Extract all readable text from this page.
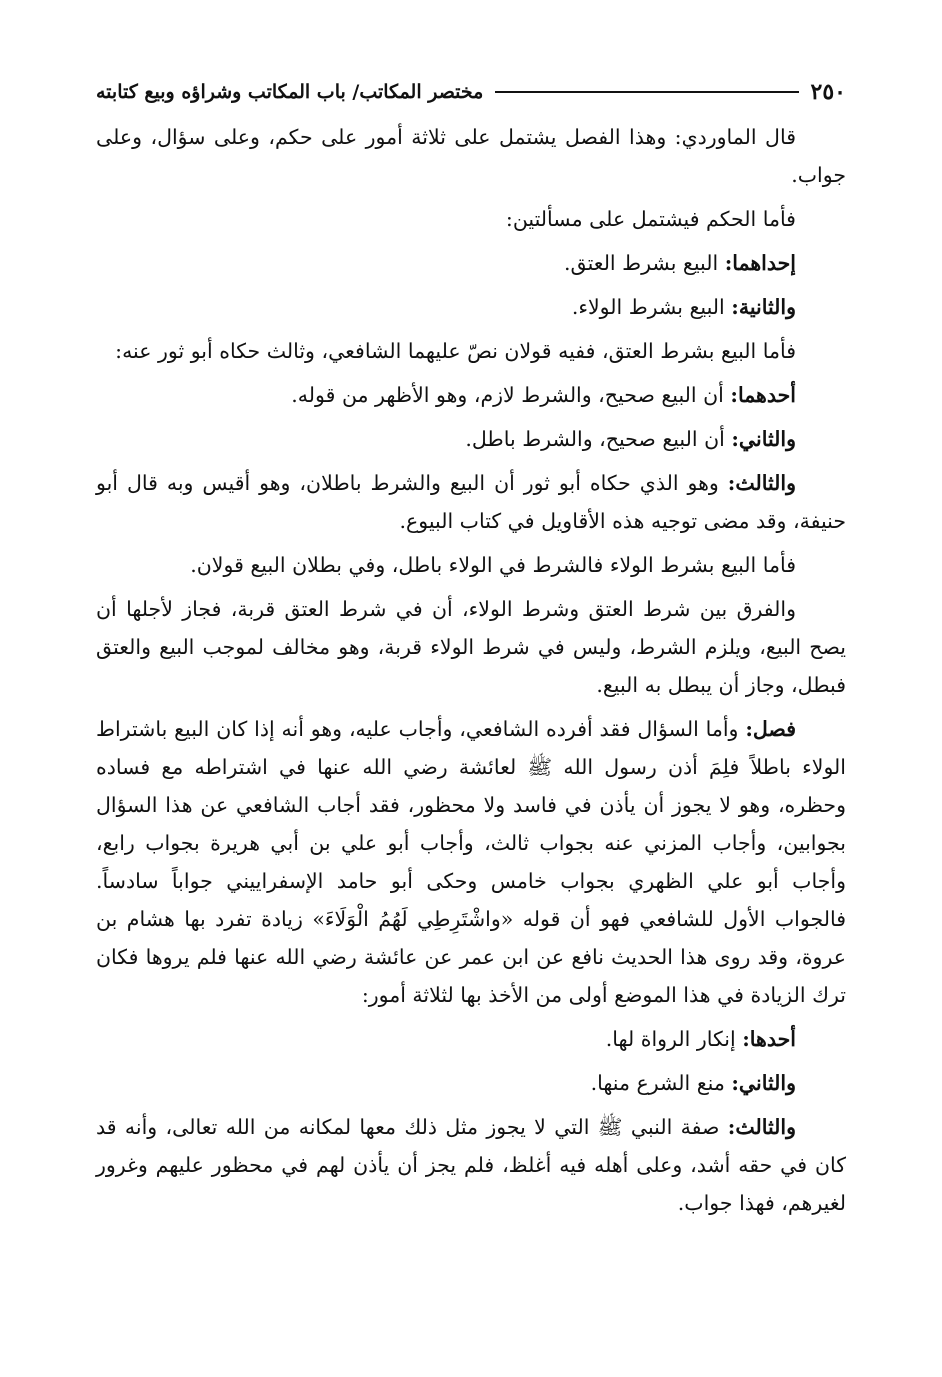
٢٥٠
مختصر المكاتب/ باب المكاتب وشراؤه وبيع كتابته

قال الماوردي: وهذا الفصل يشتمل على ثلاثة أمور على حكم، وعلى سؤال، وعلى جواب.

فأما الحكم فيشتمل على مسألتين:

إحداهما: البيع بشرط العتق.

والثانية: البيع بشرط الولاء.

فأما البيع بشرط العتق، ففيه قولان نصّ عليهما الشافعي، وثالث حكاه أبو ثور عنه:

أحدهما: أن البيع صحيح، والشرط لازم، وهو الأظهر من قوله.

والثاني: أن البيع صحيح، والشرط باطل.

والثالث: وهو الذي حكاه أبو ثور أن البيع والشرط باطلان، وهو أقيس وبه قال أبو حنيفة، وقد مضى توجيه هذه الأقاويل في كتاب البيوع.

فأما البيع بشرط الولاء فالشرط في الولاء باطل، وفي بطلان البيع قولان.

والفرق بين شرط العتق وشرط الولاء، أن في شرط العتق قربة، فجاز لأجلها أن يصح البيع، ويلزم الشرط، وليس في شرط الولاء قربة، وهو مخالف لموجب البيع والعتق فبطل، وجاز أن يبطل به البيع.

فصل: وأما السؤال فقد أفرده الشافعي، وأجاب عليه، وهو أنه إذا كان البيع باشتراط الولاء باطلاً فلِمَ أذن رسول الله ﷺ لعائشة رضي الله عنها في اشتراطه مع فساده وحظره، وهو لا يجوز أن يأذن في فاسد ولا محظور، فقد أجاب الشافعي عن هذا السؤال بجوابين، وأجاب المزني عنه بجواب ثالث، وأجاب أبو علي بن أبي هريرة بجواب رابع، وأجاب أبو علي الظهري بجواب خامس وحكى أبو حامد الإسفراييني جواباً سادساً. فالجواب الأول للشافعي فهو أن قوله «واشْتَرِطِي لَهُمُ الْوَلَاءَ» زيادة تفرد بها هشام بن عروة، وقد روى هذا الحديث نافع عن ابن عمر عن عائشة رضي الله عنها فلم يروها فكان ترك الزيادة في هذا الموضع أولى من الأخذ بها لثلاثة أمور:

أحدها: إنكار الرواة لها.

والثاني: منع الشرع منها.

والثالث: صفة النبي ﷺ التي لا يجوز مثل ذلك معها لمكانه من الله تعالى، وأنه قد كان في حقه أشد، وعلى أهله فيه أغلظ، فلم يجز أن يأذن لهم في محظور عليهم وغرور لغيرهم، فهذا جواب.
